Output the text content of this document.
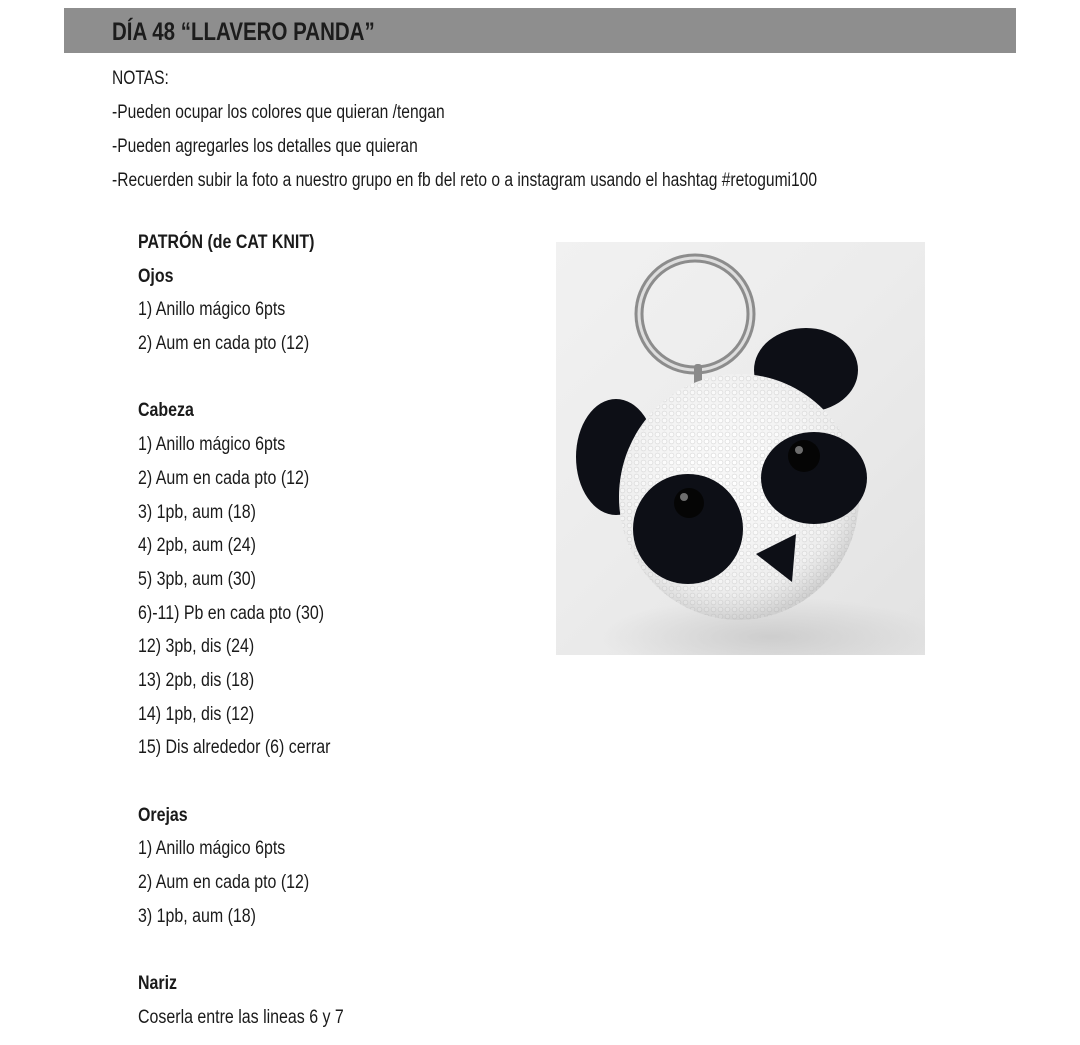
DÍA 48 “LLAVERO PANDA”
NOTAS:
-Pueden ocupar los colores que quieran /tengan
-Pueden agregarles los detalles que quieran
-Recuerden subir la foto a nuestro grupo en fb del reto o a instagram usando el hashtag #retogumi100
PATRÓN (de CAT KNIT)
Ojos
1) Anillo mágico 6pts
2) Aum en cada pto (12)
Cabeza
1) Anillo mágico 6pts
2) Aum en cada pto (12)
3) 1pb, aum (18)
4) 2pb, aum (24)
5) 3pb, aum (30)
6)-11) Pb en cada pto (30)
12) 3pb, dis (24)
13) 2pb, dis (18)
14) 1pb, dis (12)
15) Dis alrededor (6) cerrar
Orejas
1) Anillo mágico 6pts
2) Aum en cada pto (12)
3) 1pb, aum (18)
Nariz
Coserla entre las lineas 6 y 7
